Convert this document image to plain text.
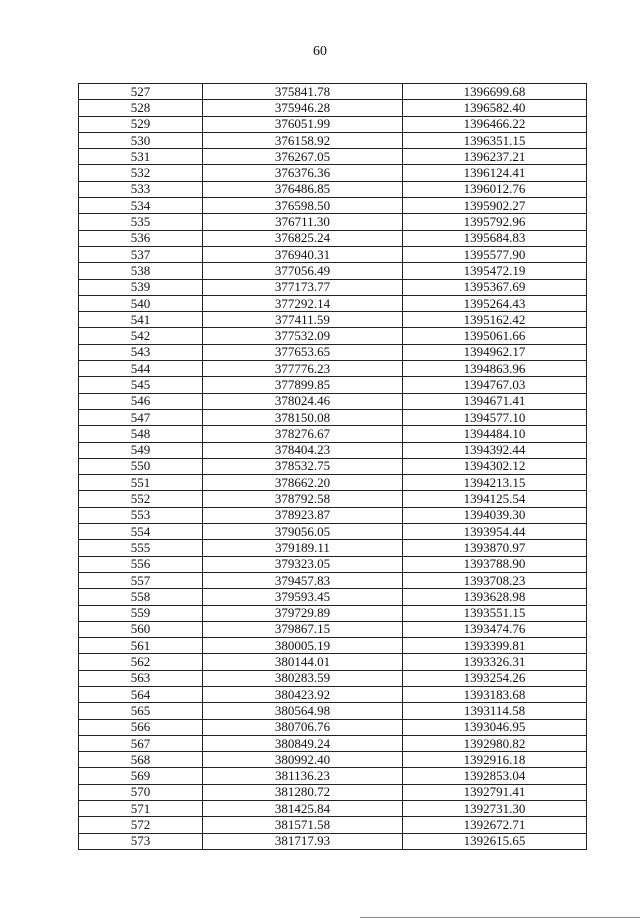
60
527	375841.78	1396699.68
528	375946.28	1396582.40
529	376051.99	1396466.22
530	376158.92	1396351.15
531	376267.05	1396237.21
532	376376.36	1396124.41
533	376486.85	1396012.76
534	376598.50	1395902.27
535	376711.30	1395792.96
536	376825.24	1395684.83
537	376940.31	1395577.90
538	377056.49	1395472.19
539	377173.77	1395367.69
540	377292.14	1395264.43
541	377411.59	1395162.42
542	377532.09	1395061.66
543	377653.65	1394962.17
544	377776.23	1394863.96
545	377899.85	1394767.03
546	378024.46	1394671.41
547	378150.08	1394577.10
548	378276.67	1394484.10
549	378404.23	1394392.44
550	378532.75	1394302.12
551	378662.20	1394213.15
552	378792.58	1394125.54
553	378923.87	1394039.30
554	379056.05	1393954.44
555	379189.11	1393870.97
556	379323.05	1393788.90
557	379457.83	1393708.23
558	379593.45	1393628.98
559	379729.89	1393551.15
560	379867.15	1393474.76
561	380005.19	1393399.81
562	380144.01	1393326.31
563	380283.59	1393254.26
564	380423.92	1393183.68
565	380564.98	1393114.58
566	380706.76	1393046.95
567	380849.24	1392980.82
568	380992.40	1392916.18
569	381136.23	1392853.04
570	381280.72	1392791.41
571	381425.84	1392731.30
572	381571.58	1392672.71
573	381717.93	1392615.65
